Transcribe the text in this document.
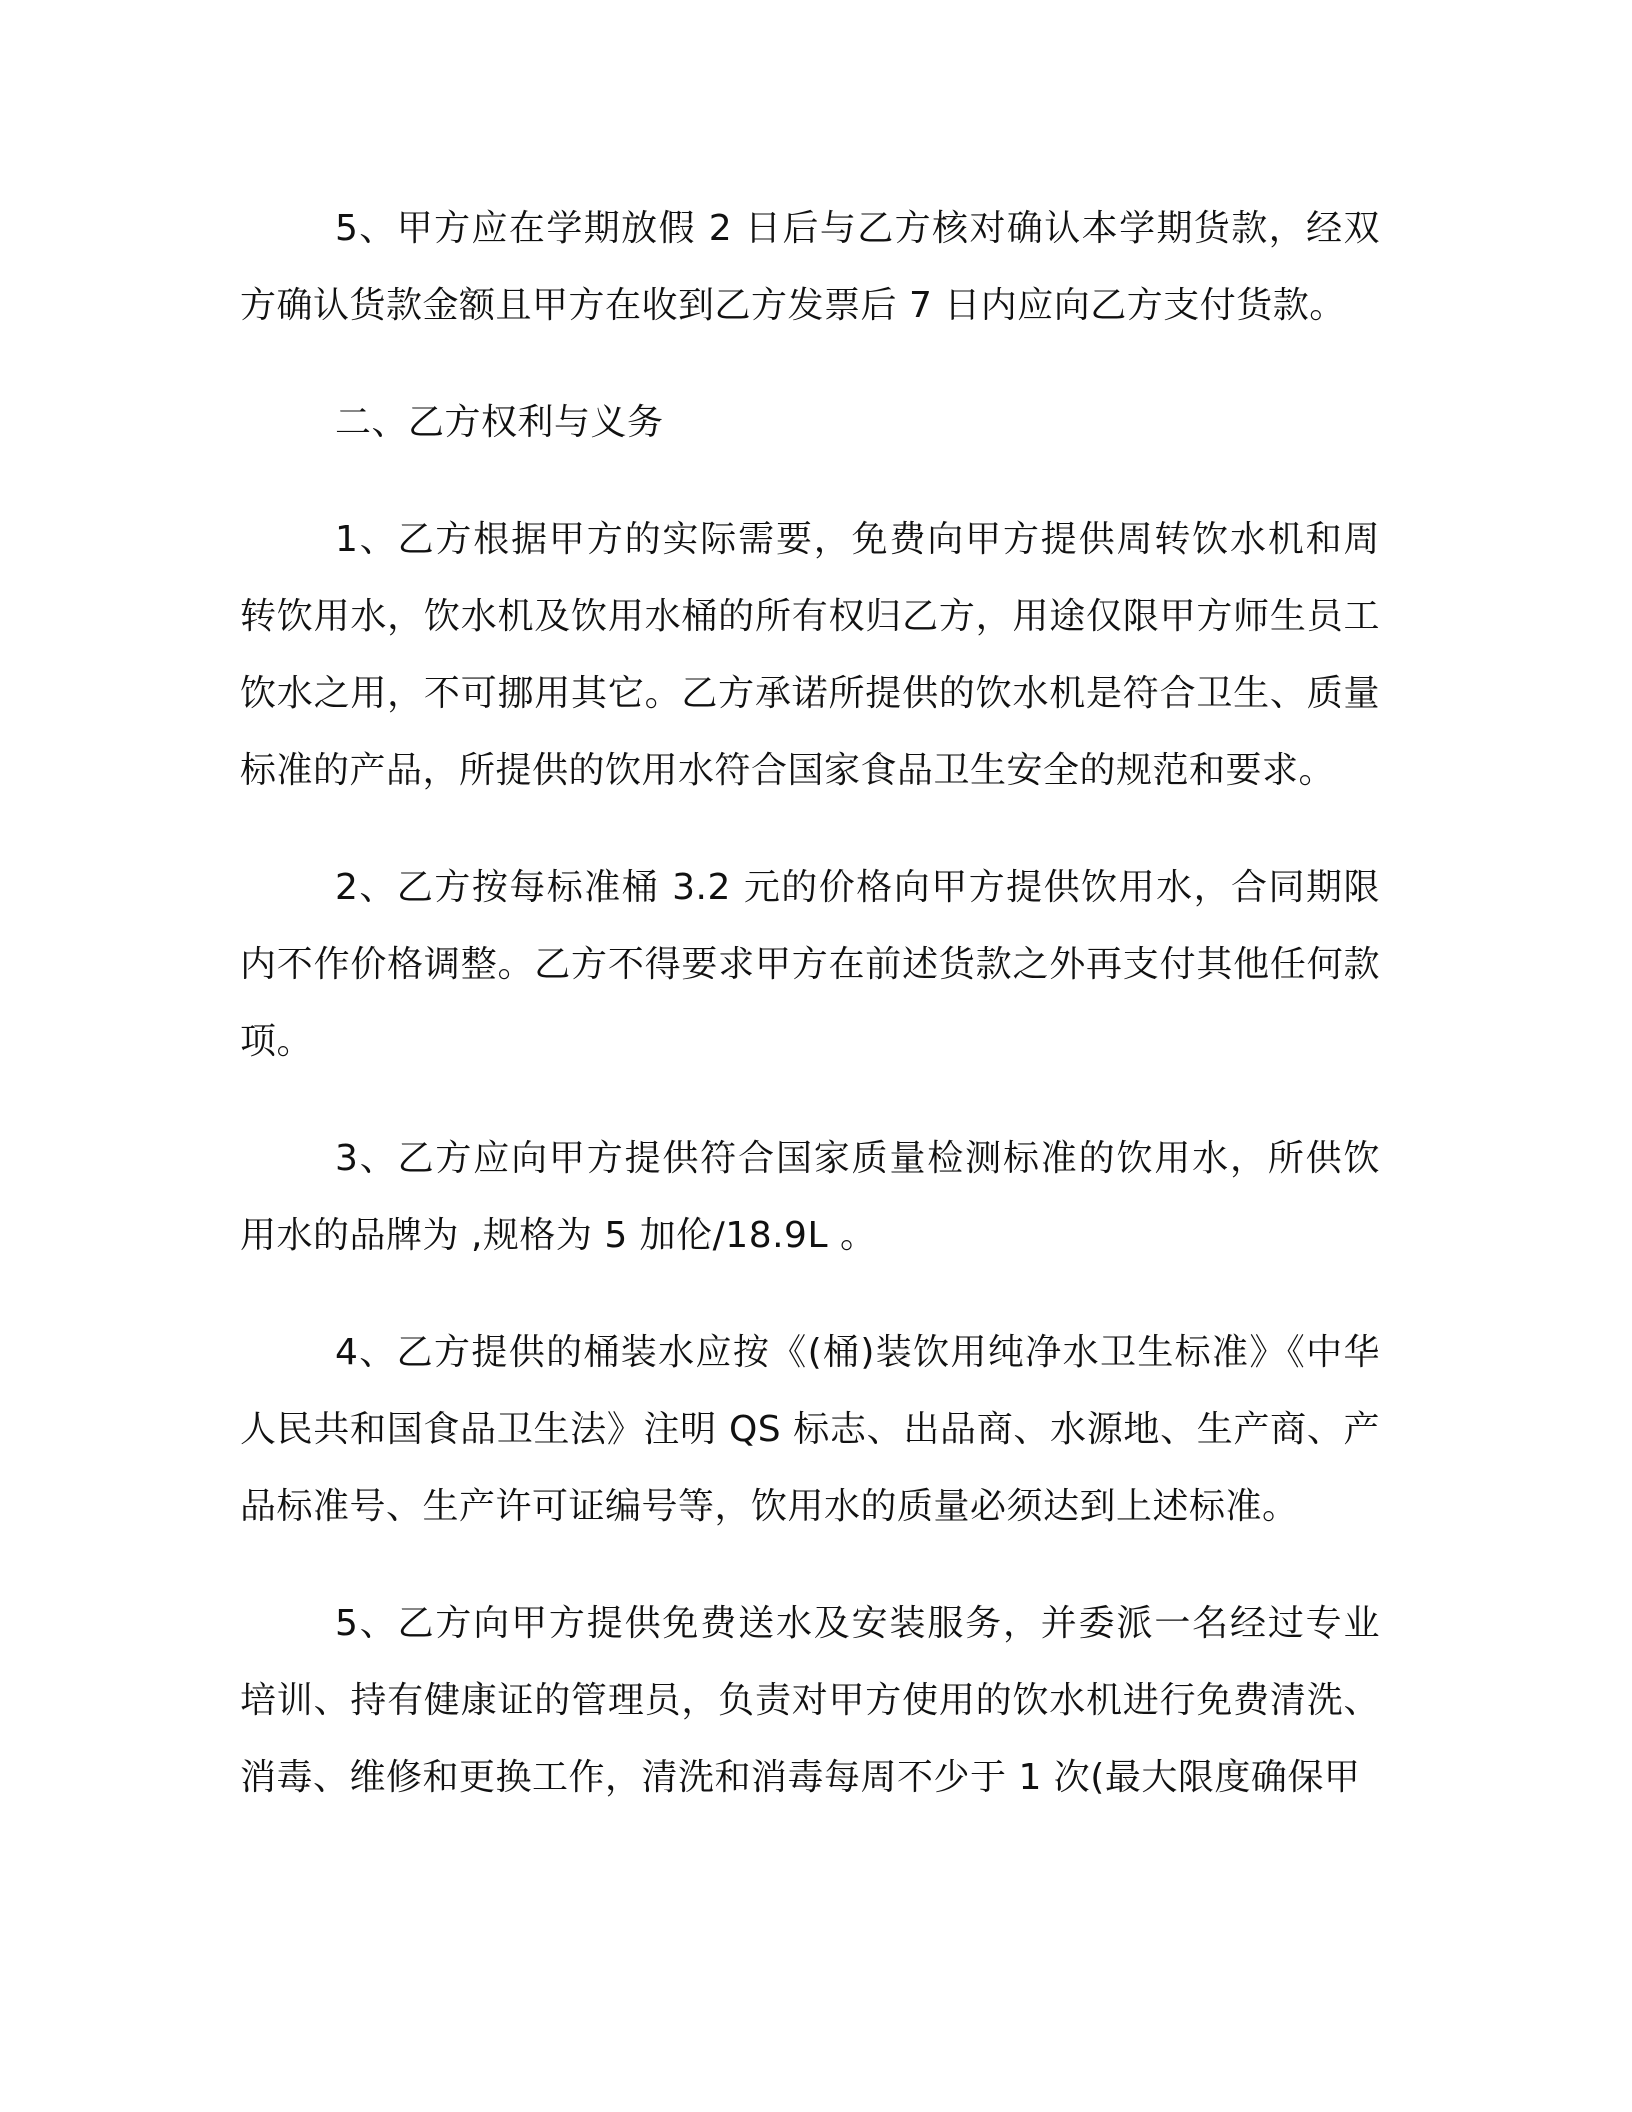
5、甲方应在学期放假 2 日后与乙方核对确认本学期货款，经双方确认货款金额且甲方在收到乙方发票后 7 日内应向乙方支付货款。

二、乙方权利与义务

1、乙方根据甲方的实际需要，免费向甲方提供周转饮水机和周转饮用水，饮水机及饮用水桶的所有权归乙方，用途仅限甲方师生员工饮水之用，不可挪用其它。乙方承诺所提供的饮水机是符合卫生、质量标准的产品，所提供的饮用水符合国家食品卫生安全的规范和要求。

2、乙方按每标准桶 3.2 元的价格向甲方提供饮用水，合同期限内不作价格调整。乙方不得要求甲方在前述货款之外再支付其他任何款项。

3、乙方应向甲方提供符合国家质量检测标准的饮用水，所供饮用水的品牌为 ,规格为 5 加伦/18.9L 。

4、乙方提供的桶装水应按《(桶)装饮用纯净水卫生标准》《中华人民共和国食品卫生法》注明 QS 标志、出品商、水源地、生产商、产品标准号、生产许可证编号等，饮用水的质量必须达到上述标准。

5、乙方向甲方提供免费送水及安装服务，并委派一名经过专业培训、持有健康证的管理员，负责对甲方使用的饮水机进行免费清洗、消毒、维修和更换工作，清洗和消毒每周不少于 1 次(最大限度确保甲
